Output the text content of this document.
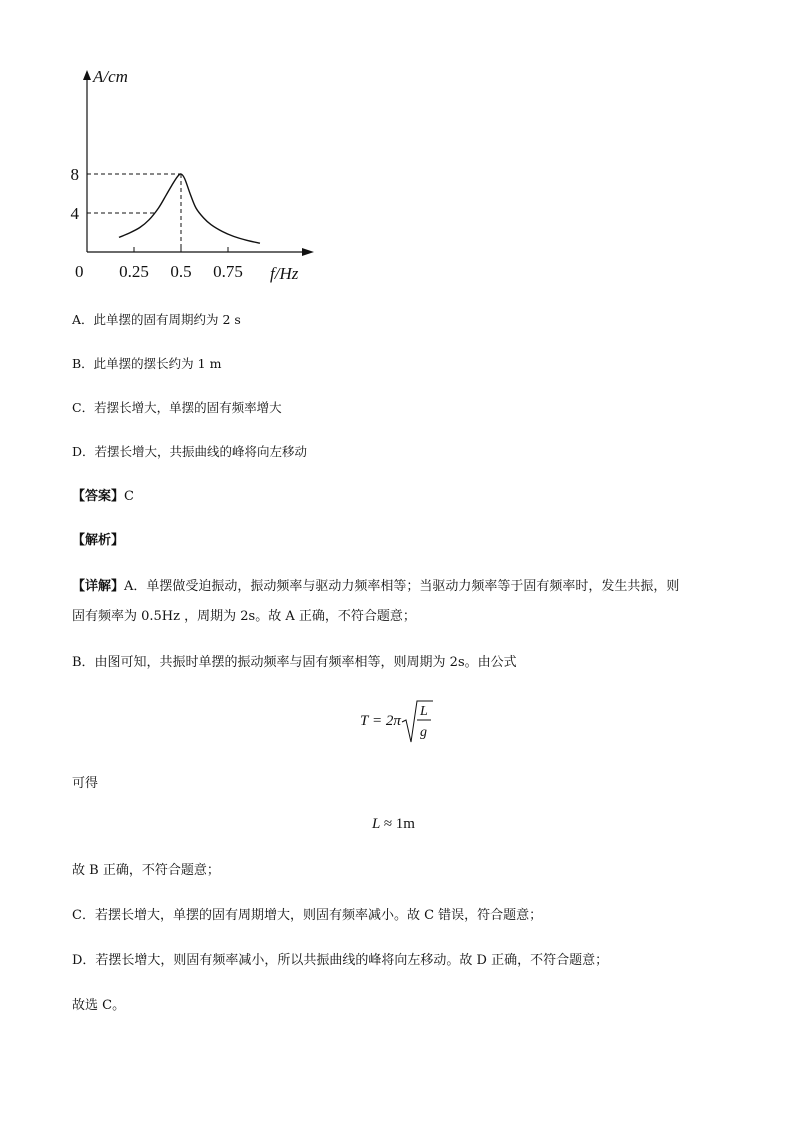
A/cm
f/Hz
0 0.25 0.5 0.75
4
8

A．此单摆的固有周期约为 2 s

B．此单摆的摆长约为 1 m

C．若摆长增大，单摆的固有频率增大

D．若摆长增大，共振曲线的峰将向左移动

【答案】C

【解析】

【详解】A．单摆做受迫振动，振动频率与驱动力频率相等；当驱动力频率等于固有频率时，发生共振，则

固有频率为 0.5Hz ，周期为 2s。故 A 正确，不符合题意；

B．由图可知，共振时单摆的振动频率与固有频率相等，则周期为 2s。由公式

T = 2π
L
g

可得

L ≈ 1m

故 B 正确，不符合题意；

C．若摆长增大，单摆的固有周期增大，则固有频率减小。故 C 错误，符合题意；

D．若摆长增大，则固有频率减小，所以共振曲线的峰将向左移动。故 D 正确，不符合题意；

故选 C。
